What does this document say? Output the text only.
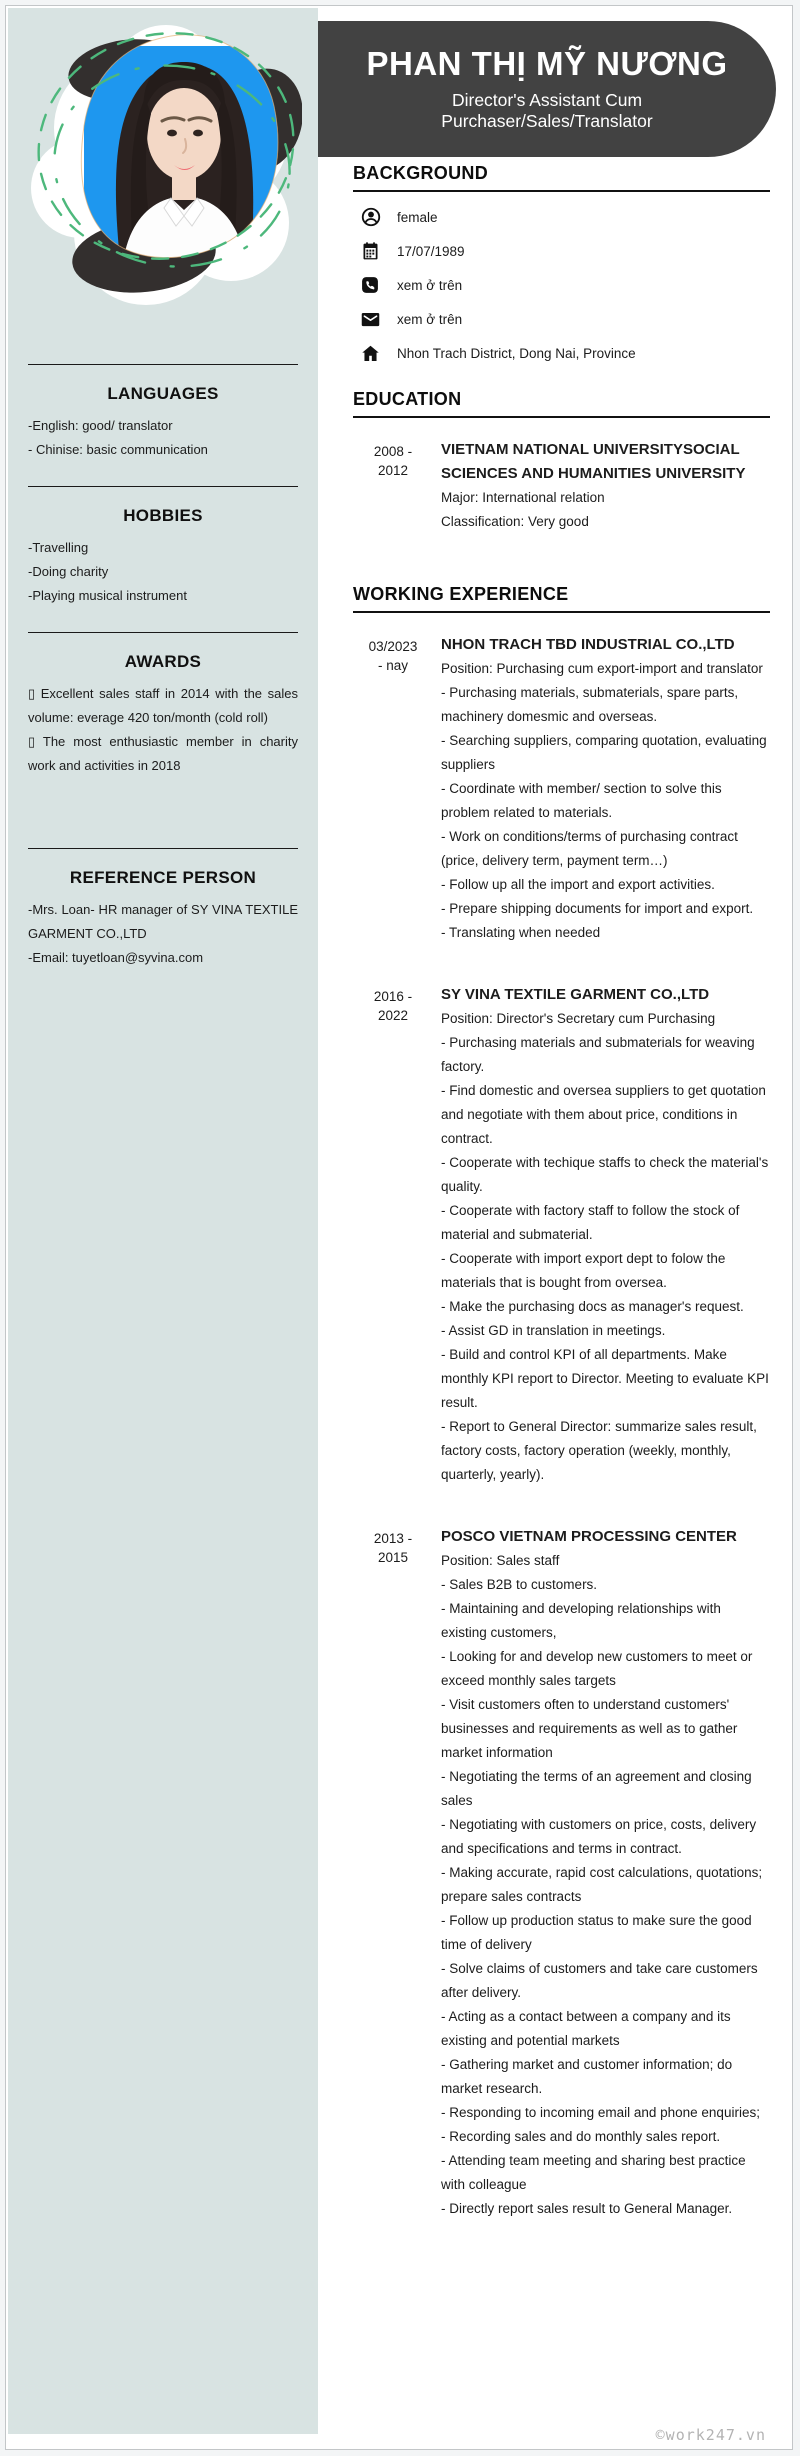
LANGUAGES

-English: good/ translator

- Chinise: basic communication

HOBBIES

-Travelling

-Doing charity

-Playing musical instrument

AWARDS

▯ Excellent sales staff in 2014 with the sales volume: everage 420 ton/month (cold roll)

▯ The most enthusiastic member in charity work and activities in 2018

REFERENCE PERSON

-Mrs. Loan- HR manager of SY VINA TEXTILE GARMENT CO.,LTD

-Email: tuyetloan@syvina.com

PHAN THỊ MỸ NƯƠNG
Director's Assistant Cum
Purchaser/Sales/Translator
BACKGROUND
female
17/07/1989
xem ở trên
xem ở trên
Nhon Trach District, Dong Nai, Province
EDUCATION
2008 -
2012
VIETNAM NATIONAL UNIVERSITYSOCIAL SCIENCES AND HUMANITIES UNIVERSITY

Major: International relation

Classification: Very good

WORKING EXPERIENCE
03/2023
- nay
NHON TRACH TBD INDUSTRIAL CO.,LTD

Position: Purchasing cum export-import and translator

- Purchasing materials, submaterials, spare parts, machinery domesmic and overseas.

- Searching suppliers, comparing quotation, evaluating suppliers

- Coordinate with member/ section to solve this problem related to materials.

- Work on conditions/terms of purchasing contract (price, delivery term, payment term…)

- Follow up all the import and export activities.

- Prepare shipping documents for import and export.

- Translating when needed

2016 -
2022
SY VINA TEXTILE GARMENT CO.,LTD

Position: Director's Secretary cum Purchasing

- Purchasing materials and submaterials for weaving factory.

- Find domestic and oversea suppliers to get quotation and negotiate with them about price, conditions in contract.

- Cooperate with techique staffs to check the material's quality.

- Cooperate with factory staff to follow the stock of material and submaterial.

- Cooperate with import export dept to folow the materials that is bought from oversea.

- Make the purchasing docs as manager's request.

- Assist GD in translation in meetings.

- Build and control KPI of all departments. Make monthly KPI report to Director. Meeting to evaluate KPI result.

- Report to General Director: summarize sales result, factory costs, factory operation (weekly, monthly, quarterly, yearly).

2013 -
2015
POSCO VIETNAM PROCESSING CENTER

Position: Sales staff

- Sales B2B to customers.

- Maintaining and developing relationships with existing customers,

- Looking for and develop new customers to meet or exceed monthly sales targets

- Visit customers often to understand customers' businesses and requirements as well as to gather market information

- Negotiating the terms of an agreement and closing sales

- Negotiating with customers on price, costs, delivery and specifications and terms in contract.

- Making accurate, rapid cost calculations, quotations; prepare sales contracts

- Follow up production status to make sure the good time of delivery

- Solve claims of customers and take care customers after delivery.

- Acting as a contact between a company and its existing and potential markets

- Gathering market and customer information; do market research.

- Responding to incoming email and phone enquiries;

- Recording sales and do monthly sales report.

- Attending team meeting and sharing best practice with colleague

- Directly report sales result to General Manager.

©work247.vn
